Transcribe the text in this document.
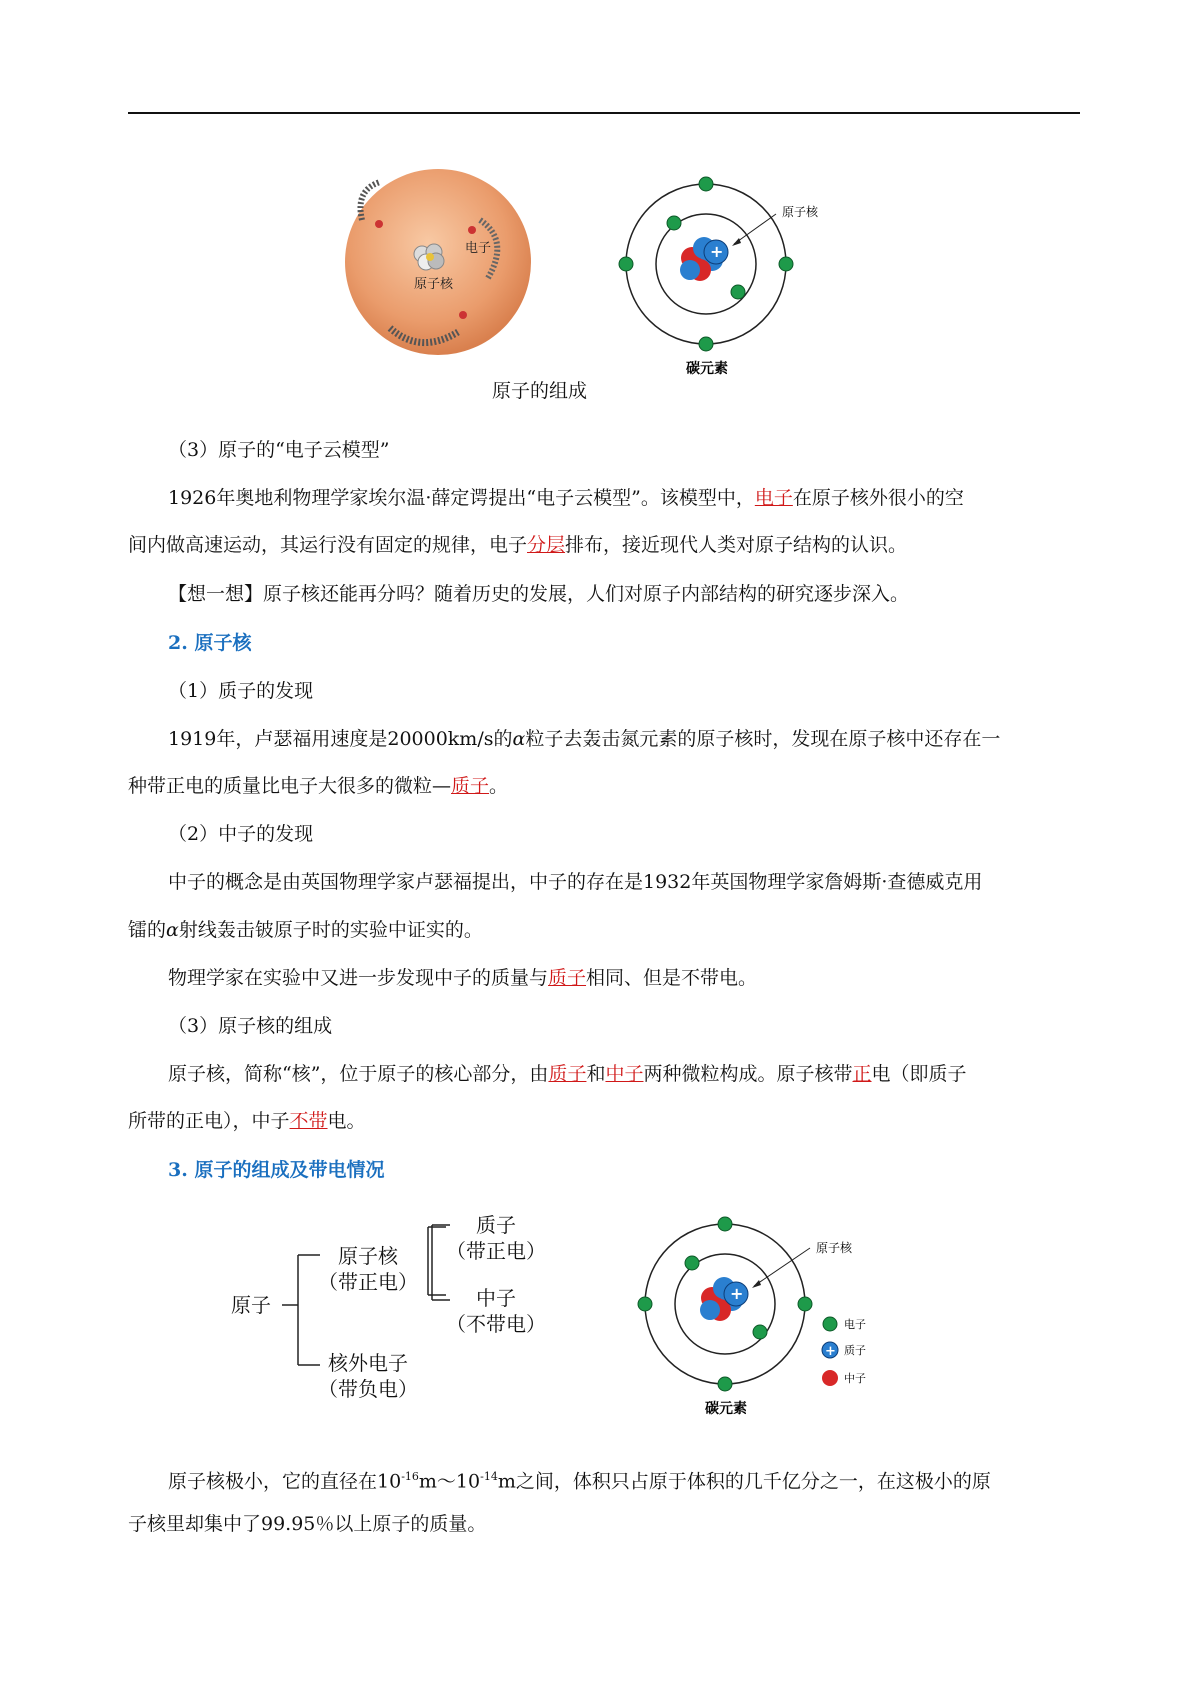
原子核
电子	+
原子核
碳元素
原子的组成
（3）原子的“电子云模型”
1926年奥地利物理学家埃尔温·薛定谔提出“电子云模型”。该模型中，电子在原子核外很小的空
间内做高速运动，其运行没有固定的规律，电子分层排布，接近现代人类对原子结构的认识。
【想一想】原子核还能再分吗？随着历史的发展，人们对原子内部结构的研究逐步深入。
2. 原子核
（1）质子的发现
1919年，卢瑟福用速度是20000km/s的α粒子去轰击氮元素的原子核时，发现在原子核中还存在一
种带正电的质量比电子大很多的微粒—质子。
（2）中子的发现
中子的概念是由英国物理学家卢瑟福提出，中子的存在是1932年英国物理学家詹姆斯·查德威克用
镭的α射线轰击铍原子时的实验中证实的。
物理学家在实验中又进一步发现中子的质量与质子相同、但是不带电。
（3）原子核的组成
原子核，简称“核”，位于原子的核心部分，由质子和中子两种微粒构成。原子核带正电（即质子
所带的正电），中子不带电。
3. 原子的组成及带电情况
原子
原子核
（带正电）
核外电子
（带负电）
质子
（带正电）
中子
（不带电）
+
原子核
碳元素
电子
+ 质子
中子
原子核极小，它的直径在$10^{-16}m\sim 10^{-14}m$之间，体积只占原于体积的几千亿分之一，在这极小的原
子核里却集中了99.95％以上原子的质量。
